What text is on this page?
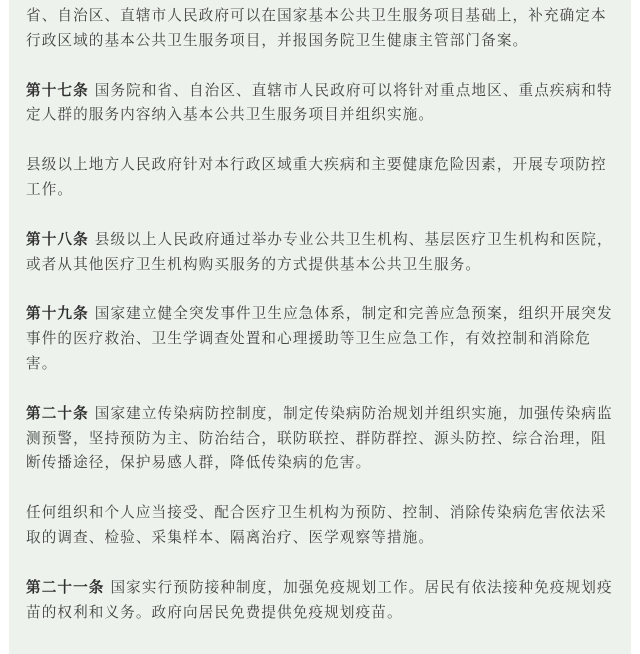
省、自治区、直辖市人民政府可以在国家基本公共卫生服务项目基础上，补充确定本行政区域的基本公共卫生服务项目，并报国务院卫生健康主管部门备案。

第十七条 国务院和省、自治区、直辖市人民政府可以将针对重点地区、重点疾病和特定人群的服务内容纳入基本公共卫生服务项目并组织实施。

县级以上地方人民政府针对本行政区域重大疾病和主要健康危险因素，开展专项防控工作。

第十八条 县级以上人民政府通过举办专业公共卫生机构、基层医疗卫生机构和医院，或者从其他医疗卫生机构购买服务的方式提供基本公共卫生服务。

第十九条 国家建立健全突发事件卫生应急体系，制定和完善应急预案，组织开展突发事件的医疗救治、卫生学调查处置和心理援助等卫生应急工作，有效控制和消除危害。

第二十条 国家建立传染病防控制度，制定传染病防治规划并组织实施，加强传染病监测预警，坚持预防为主、防治结合，联防联控、群防群控、源头防控、综合治理，阻断传播途径，保护易感人群，降低传染病的危害。

任何组织和个人应当接受、配合医疗卫生机构为预防、控制、消除传染病危害依法采取的调查、检验、采集样本、隔离治疗、医学观察等措施。

第二十一条 国家实行预防接种制度，加强免疫规划工作。居民有依法接种免疫规划疫苗的权利和义务。政府向居民免费提供免疫规划疫苗。
